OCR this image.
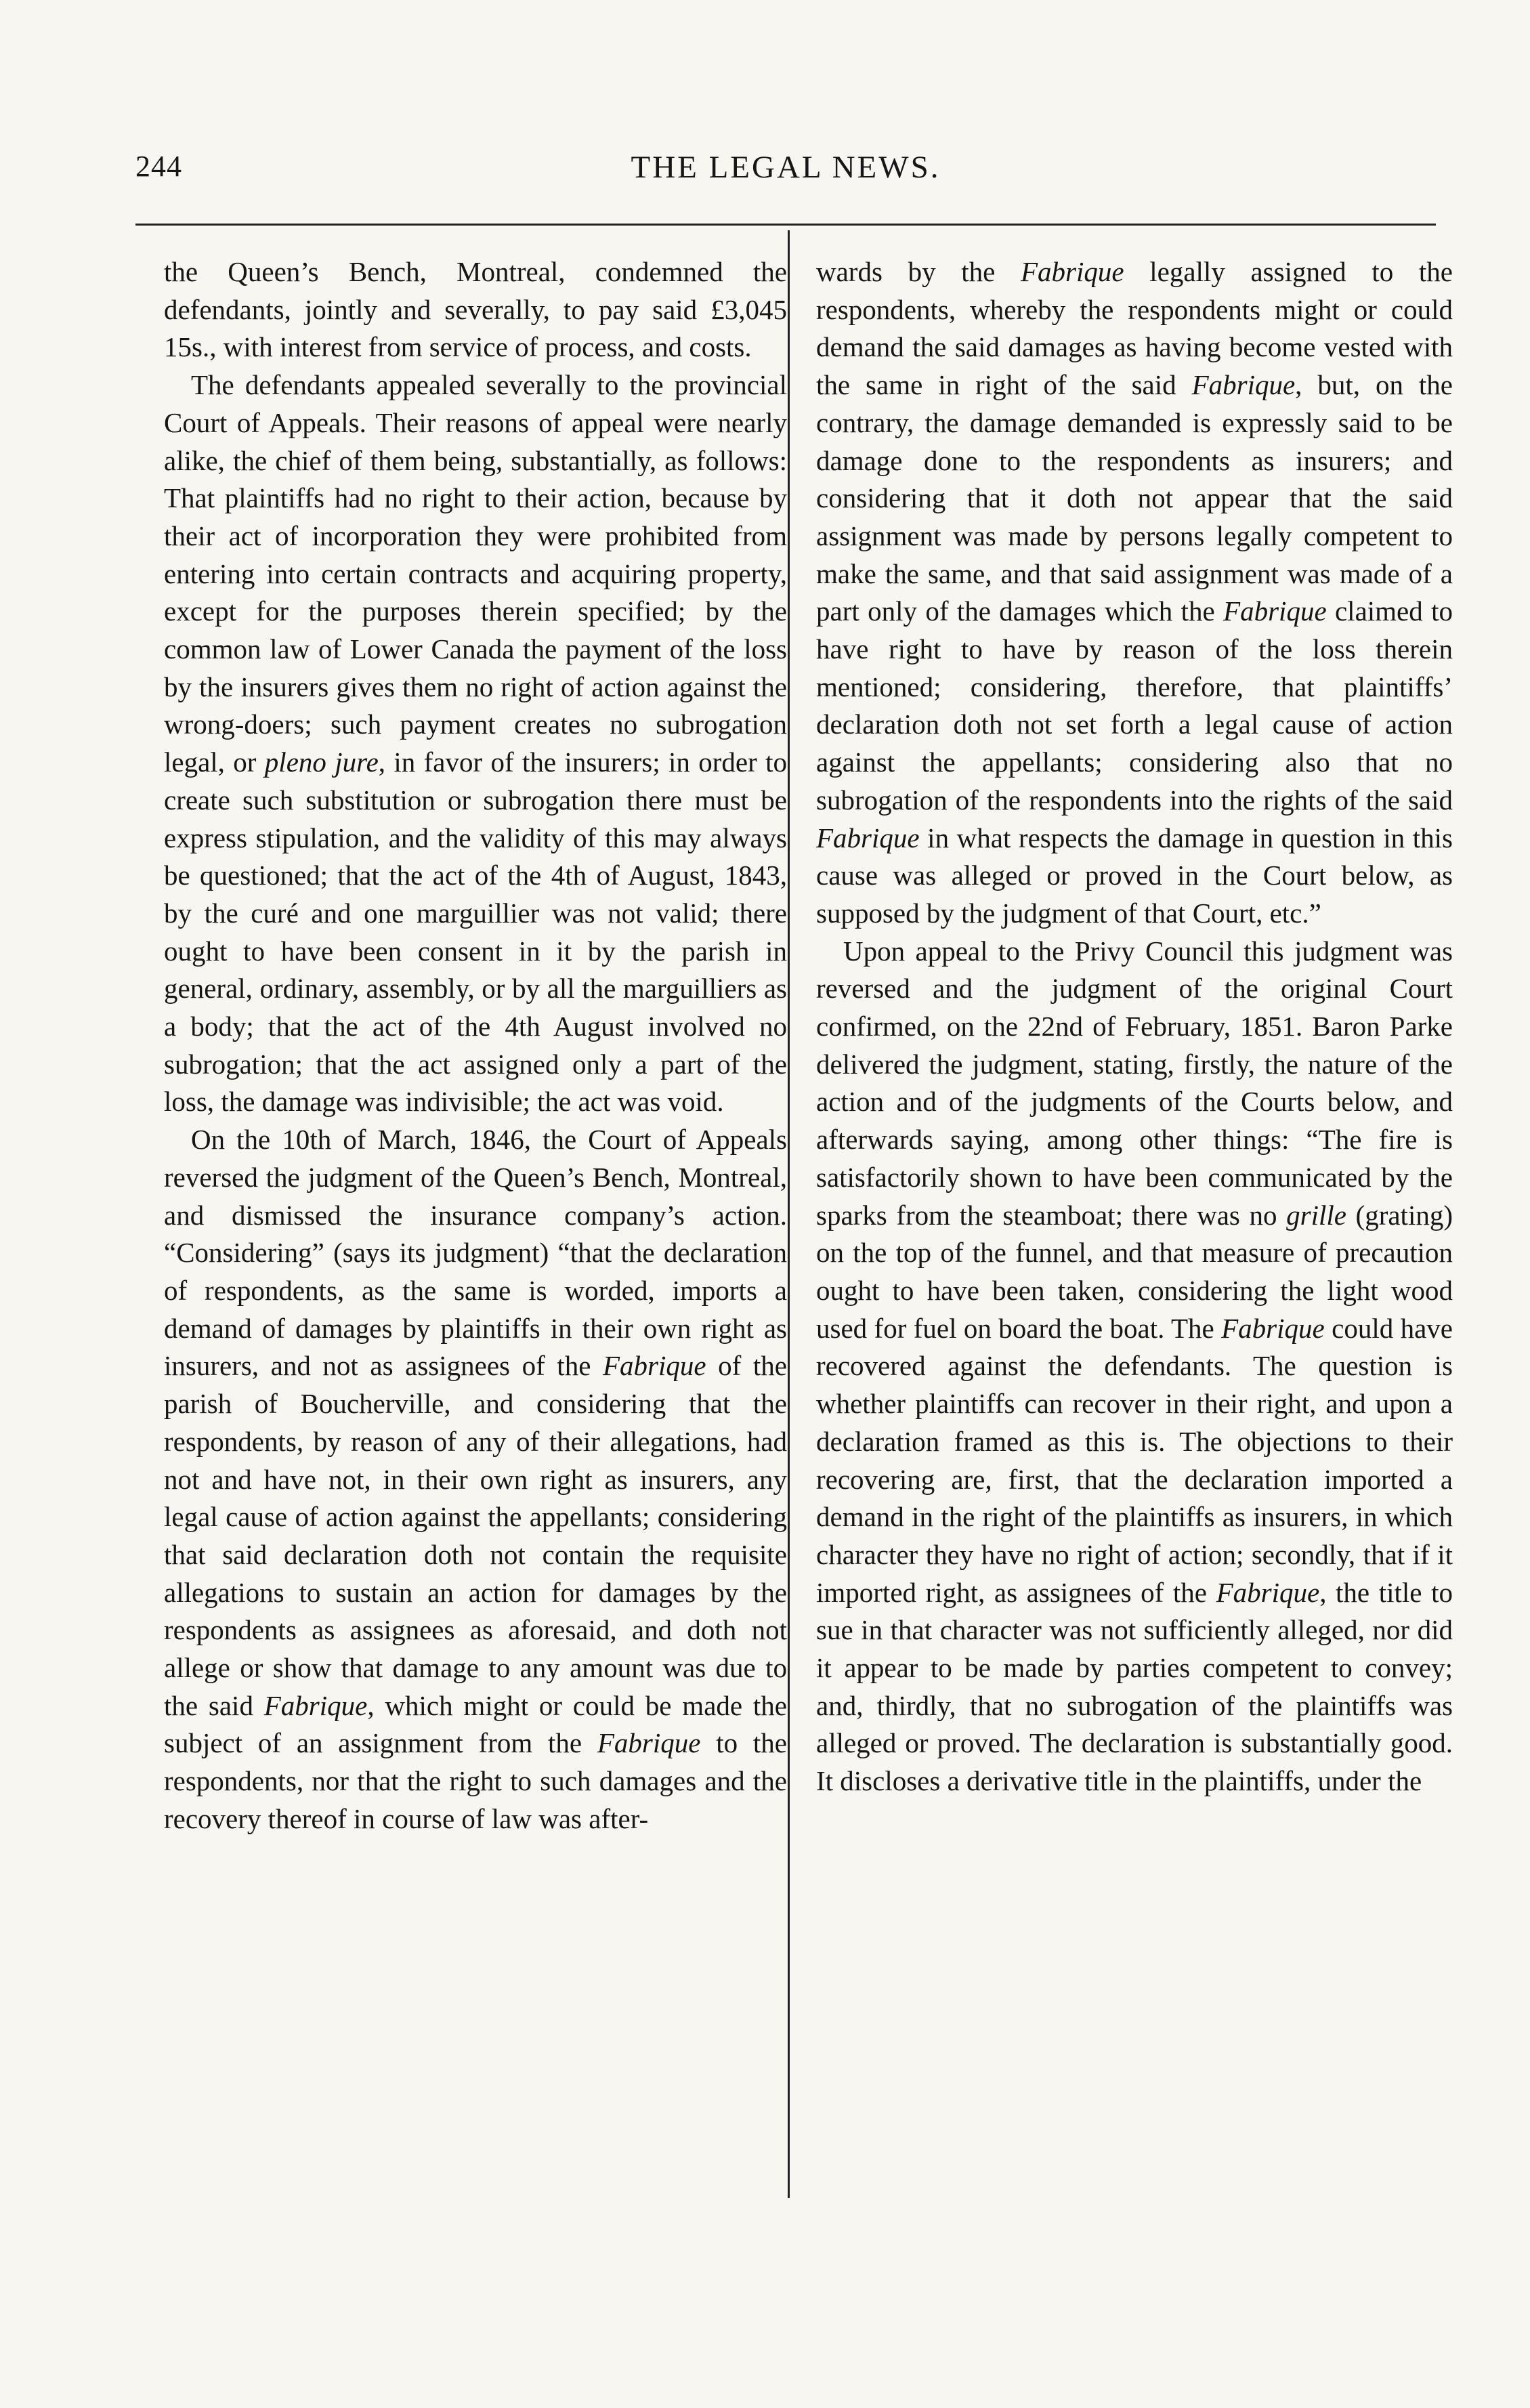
244	THE LEGAL NEWS.

the Queen’s Bench, Montreal, condemned the defendants, jointly and severally, to pay said £3,045 15s., with interest from service of process, and costs.

The defendants appealed severally to the provincial Court of Appeals. Their reasons of appeal were nearly alike, the chief of them being, substantially, as follows: That plaintiffs had no right to their action, because by their act of incorporation they were prohibited from entering into certain contracts and acquiring property, except for the purposes therein specified; by the common law of Lower Canada the payment of the loss by the insurers gives them no right of action against the wrong-doers; such payment creates no subrogation legal, or pleno jure, in favor of the insurers; in order to create such substitution or subrogation there must be express stipulation, and the validity of this may always be questioned; that the act of the 4th of August, 1843, by the curé and one marguillier was not valid; there ought to have been consent in it by the parish in general, ordinary, assembly, or by all the marguilliers as a body; that the act of the 4th August involved no subrogation; that the act assigned only a part of the loss, the damage was indivisible; the act was void.

On the 10th of March, 1846, the Court of Appeals reversed the judgment of the Queen’s Bench, Montreal, and dismissed the insurance company’s action. “Considering” (says its judgment) “that the declaration of respondents, as the same is worded, imports a demand of damages by plaintiffs in their own right as insurers, and not as assignees of the Fabrique of the parish of Boucherville, and considering that the respondents, by reason of any of their allegations, had not and have not, in their own right as insurers, any legal cause of action against the appellants; considering that said declaration doth not contain the requisite allegations to sustain an action for damages by the respondents as assignees as aforesaid, and doth not allege or show that damage to any amount was due to the said Fabrique, which might or could be made the subject of an assignment from the Fabrique to the respondents, nor that the right to such damages and the recovery thereof in course of law was after-

wards by the Fabrique legally assigned to the respondents, whereby the respondents might or could demand the said damages as having become vested with the same in right of the said Fabrique, but, on the contrary, the damage demanded is expressly said to be damage done to the respondents as insurers; and considering that it doth not appear that the said assignment was made by persons legally competent to make the same, and that said assignment was made of a part only of the damages which the Fabrique claimed to have right to have by reason of the loss therein mentioned; considering, therefore, that plaintiffs’ declaration doth not set forth a legal cause of action against the appellants; considering also that no subrogation of the respondents into the rights of the said Fabrique in what respects the damage in question in this cause was alleged or proved in the Court below, as supposed by the judgment of that Court, etc.”

Upon appeal to the Privy Council this judgment was reversed and the judgment of the original Court confirmed, on the 22nd of February, 1851. Baron Parke delivered the judgment, stating, firstly, the nature of the action and of the judgments of the Courts below, and afterwards saying, among other things: “The fire is satisfactorily shown to have been communicated by the sparks from the steamboat; there was no grille (grating) on the top of the funnel, and that measure of precaution ought to have been taken, considering the light wood used for fuel on board the boat. The Fabrique could have recovered against the defendants. The question is whether plaintiffs can recover in their right, and upon a declaration framed as this is. The objections to their recovering are, first, that the declaration imported a demand in the right of the plaintiffs as insurers, in which character they have no right of action; secondly, that if it imported right, as assignees of the Fabrique, the title to sue in that character was not sufficiently alleged, nor did it appear to be made by parties competent to convey; and, thirdly, that no subrogation of the plaintiffs was alleged or proved. The declaration is substantially good. It discloses a derivative title in the plaintiffs, under the
